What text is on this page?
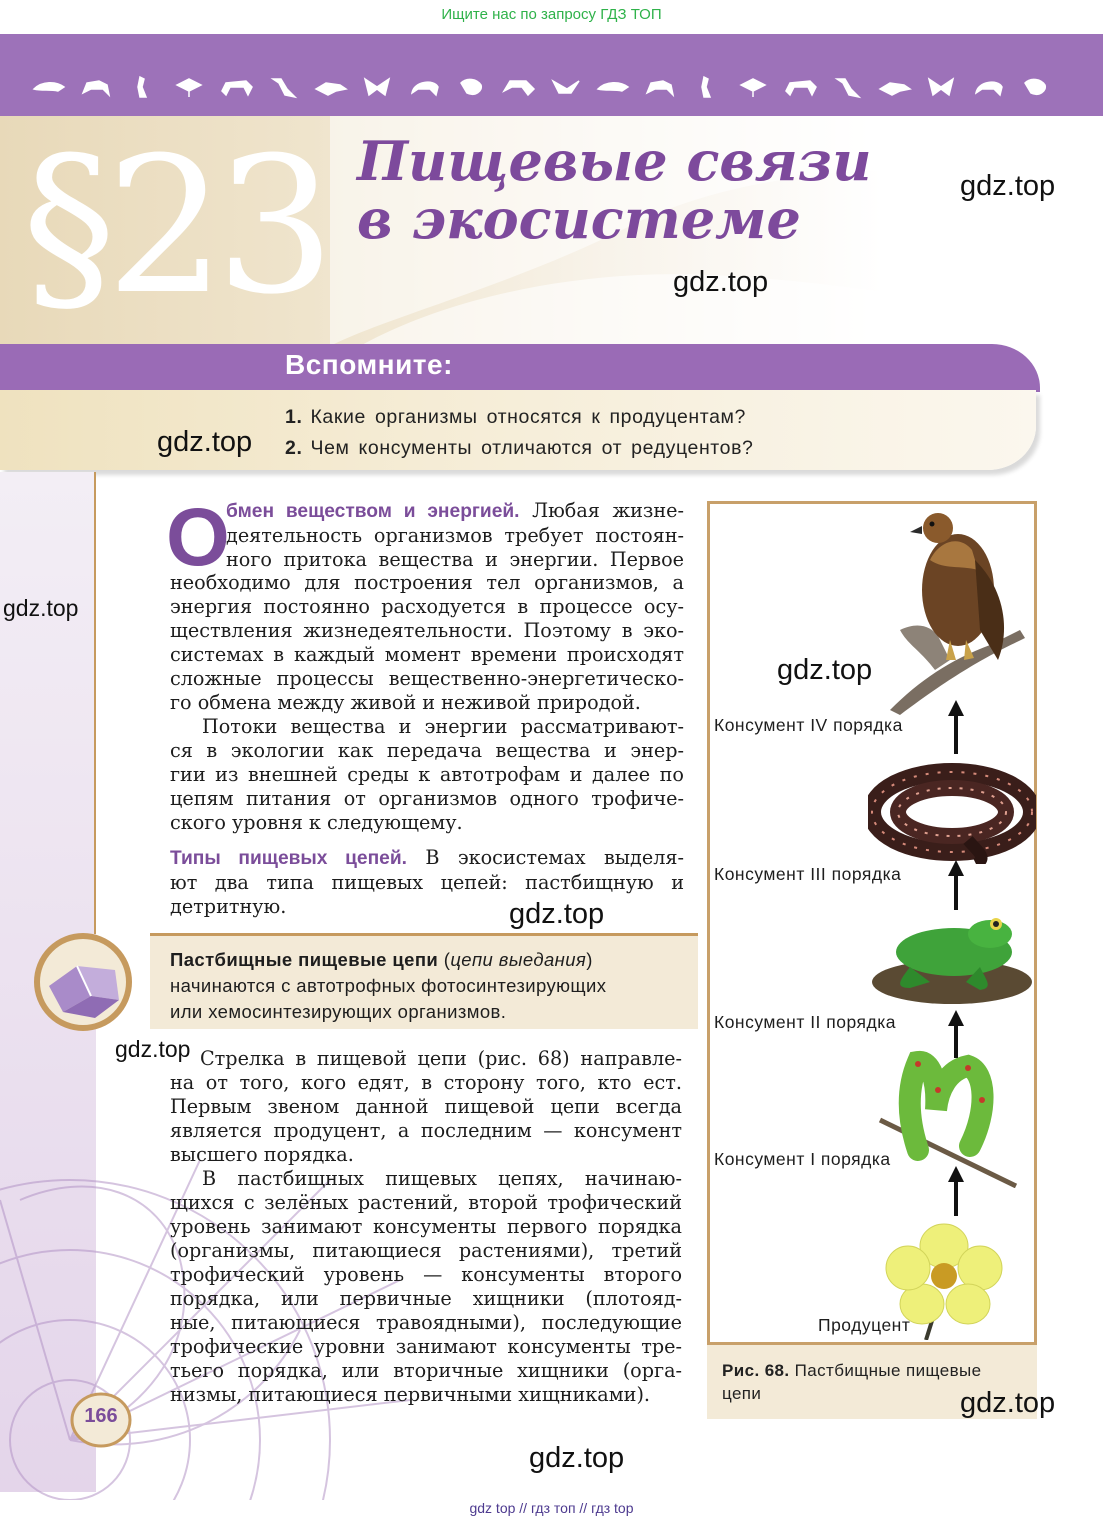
Ищите нас по запросу ГДЗ ТОП
§23 Пищевые связи
в экосистеме
Вспомните:
1. Какие организмы относятся к продуцентам?
2. Чем консументы отличаются от редуцентов?
О
бмен веществом и энергией. Любая жизне-
деятельность организмов требует постоян-
ного притока вещества и энергии. Первое
необходимо для построения тел организмов, а
энергия постоянно расходуется в процессе осу-
ществления жизнедеятельности. Поэтому в эко-
системах в каждый момент времени происходят
сложные процессы вещественно-энергетическо-
го обмена между живой и неживой природой.
Потоки вещества и энергии рассматривают-
ся в экологии как передача вещества и энер-
гии из внешней среды к автотрофам и далее по
цепям питания от организмов одного трофиче-
ского уровня к следующему.
Типы пищевых цепей. В экосистемах выделя-
ют два типа пищевых цепей: пастбищную и
детритную.
Пастбищные пищевые цепи (цепи выедания)
начинаются с автотрофных фотосинтезирующих
или хемосинтезирующих организмов.
Стрелка в пищевой цепи (рис. 68) направле-
на от того, кого едят, в сторону того, кто ест.
Первым звеном данной пищевой цепи всегда
является продуцент, а последним — консумент
высшего порядка.
В пастбищных пищевых цепях, начинаю-
щихся с зелёных растений, второй трофический
уровень занимают консументы первого порядка
(организмы, питающиеся растениями), третий
трофический уровень — консументы второго
порядка, или первичные хищники (плотояд-
ные, питающиеся травоядными), последующие
трофические уровни занимают консументы тре-
тьего порядка, или вторичные хищники (орга-
низмы, питающиеся первичными хищниками).
Консумент IV порядка
Консумент III порядка
Консумент II порядка
Консумент I порядка
Продуцент
Рис. 68. Пастбищные пищевые
цепи
166
gdz.top
gdz.top
gdz.top
gdz.top
gdz.top
gdz.top
gdz.top
gdz.top
gdz.top
gdz top // гдз топ // гдз top
